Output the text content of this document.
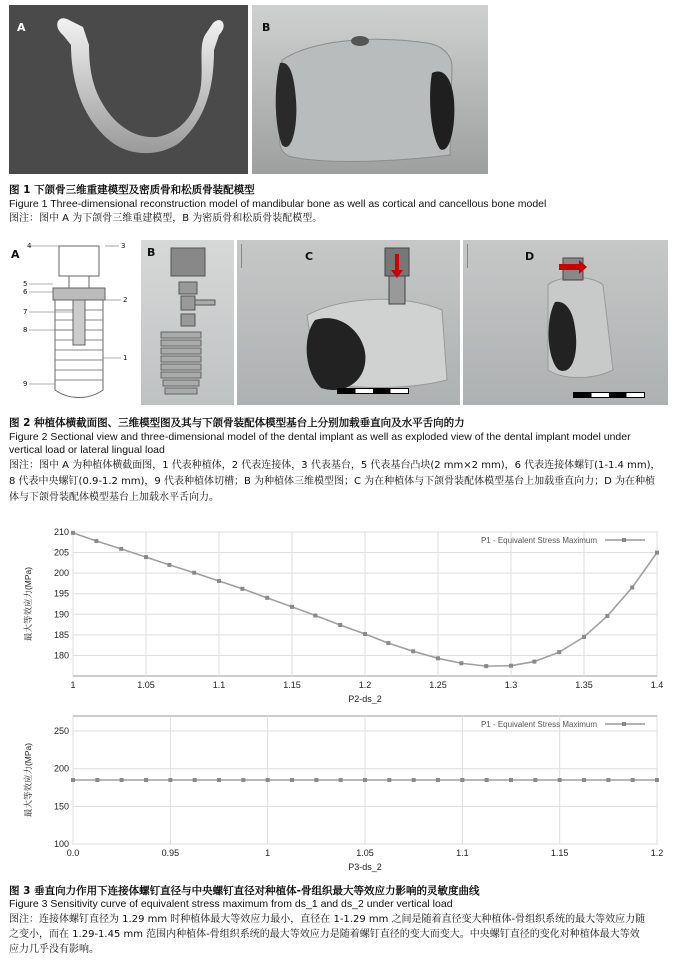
A	B
图 1 下颌骨三维重建模型及密质骨和松质骨装配模型
Figure 1 Three-dimensional reconstruction model of mandibular bone as well as cortical and cancellous bone model
图注：图中 A 为下颌骨三维重建模型，B 为密质骨和松质骨装配模型。
A
4	3
5
6
2
7
8
1
9
B	C	D
图 2 种植体横截面图、三维模型图及其与下颌骨装配体模型基台上分别加载垂直向及水平舌向的力
Figure 2 Sectional view and three-dimensional model of the dental implant as well as exploded view of the dental implant model under
vertical load or lateral lingual load
图注：图中 A 为种植体横截面图，1 代表种植体，2 代表连接体，3 代表基台，5 代表基台凸块(2 mm×2 mm)，6 代表连接体螺钉(1-1.4 mm)，
8 代表中央螺钉(0.9-1.2 mm)，9 代表种植体切槽；B 为种植体三维模型图；C 为在种植体与下颌骨装配体模型基台上加载垂直向力；D 为在种植
体与下颌骨装配体模型基台上加载水平舌向力。
1	1.05	1.1	1.15	1.2	1.25	1.3	1.35	1.4
180
185
190
195
200
205
210
P2-ds_2
最大等效应力(MPa)
P1 - Equivalent Stress Maximum
0.0	0.95	1	1.05	1.1	1.15	1.2
100
150
200
250
P3-ds_2
最大等效应力(MPa)
P1 - Equivalent Stress Maximum
图 3 垂直向力作用下连接体螺钉直径与中央螺钉直径对种植体-骨组织最大等效应力影响的灵敏度曲线
Figure 3 Sensitivity curve of equivalent stress maximum from ds_1 and ds_2 under vertical load
图注：连接体螺钉直径为 1.29 mm 时种植体最大等效应力最小，直径在 1-1.29 mm 之间是随着直径变大种植体-骨组织系统的最大等效应力随
之变小，而在 1.29-1.45 mm 范围内种植体-骨组织系统的最大等效应力是随着螺钉直径的变大而变大。中央螺钉直径的变化对种植体最大等效
应力几乎没有影响。
